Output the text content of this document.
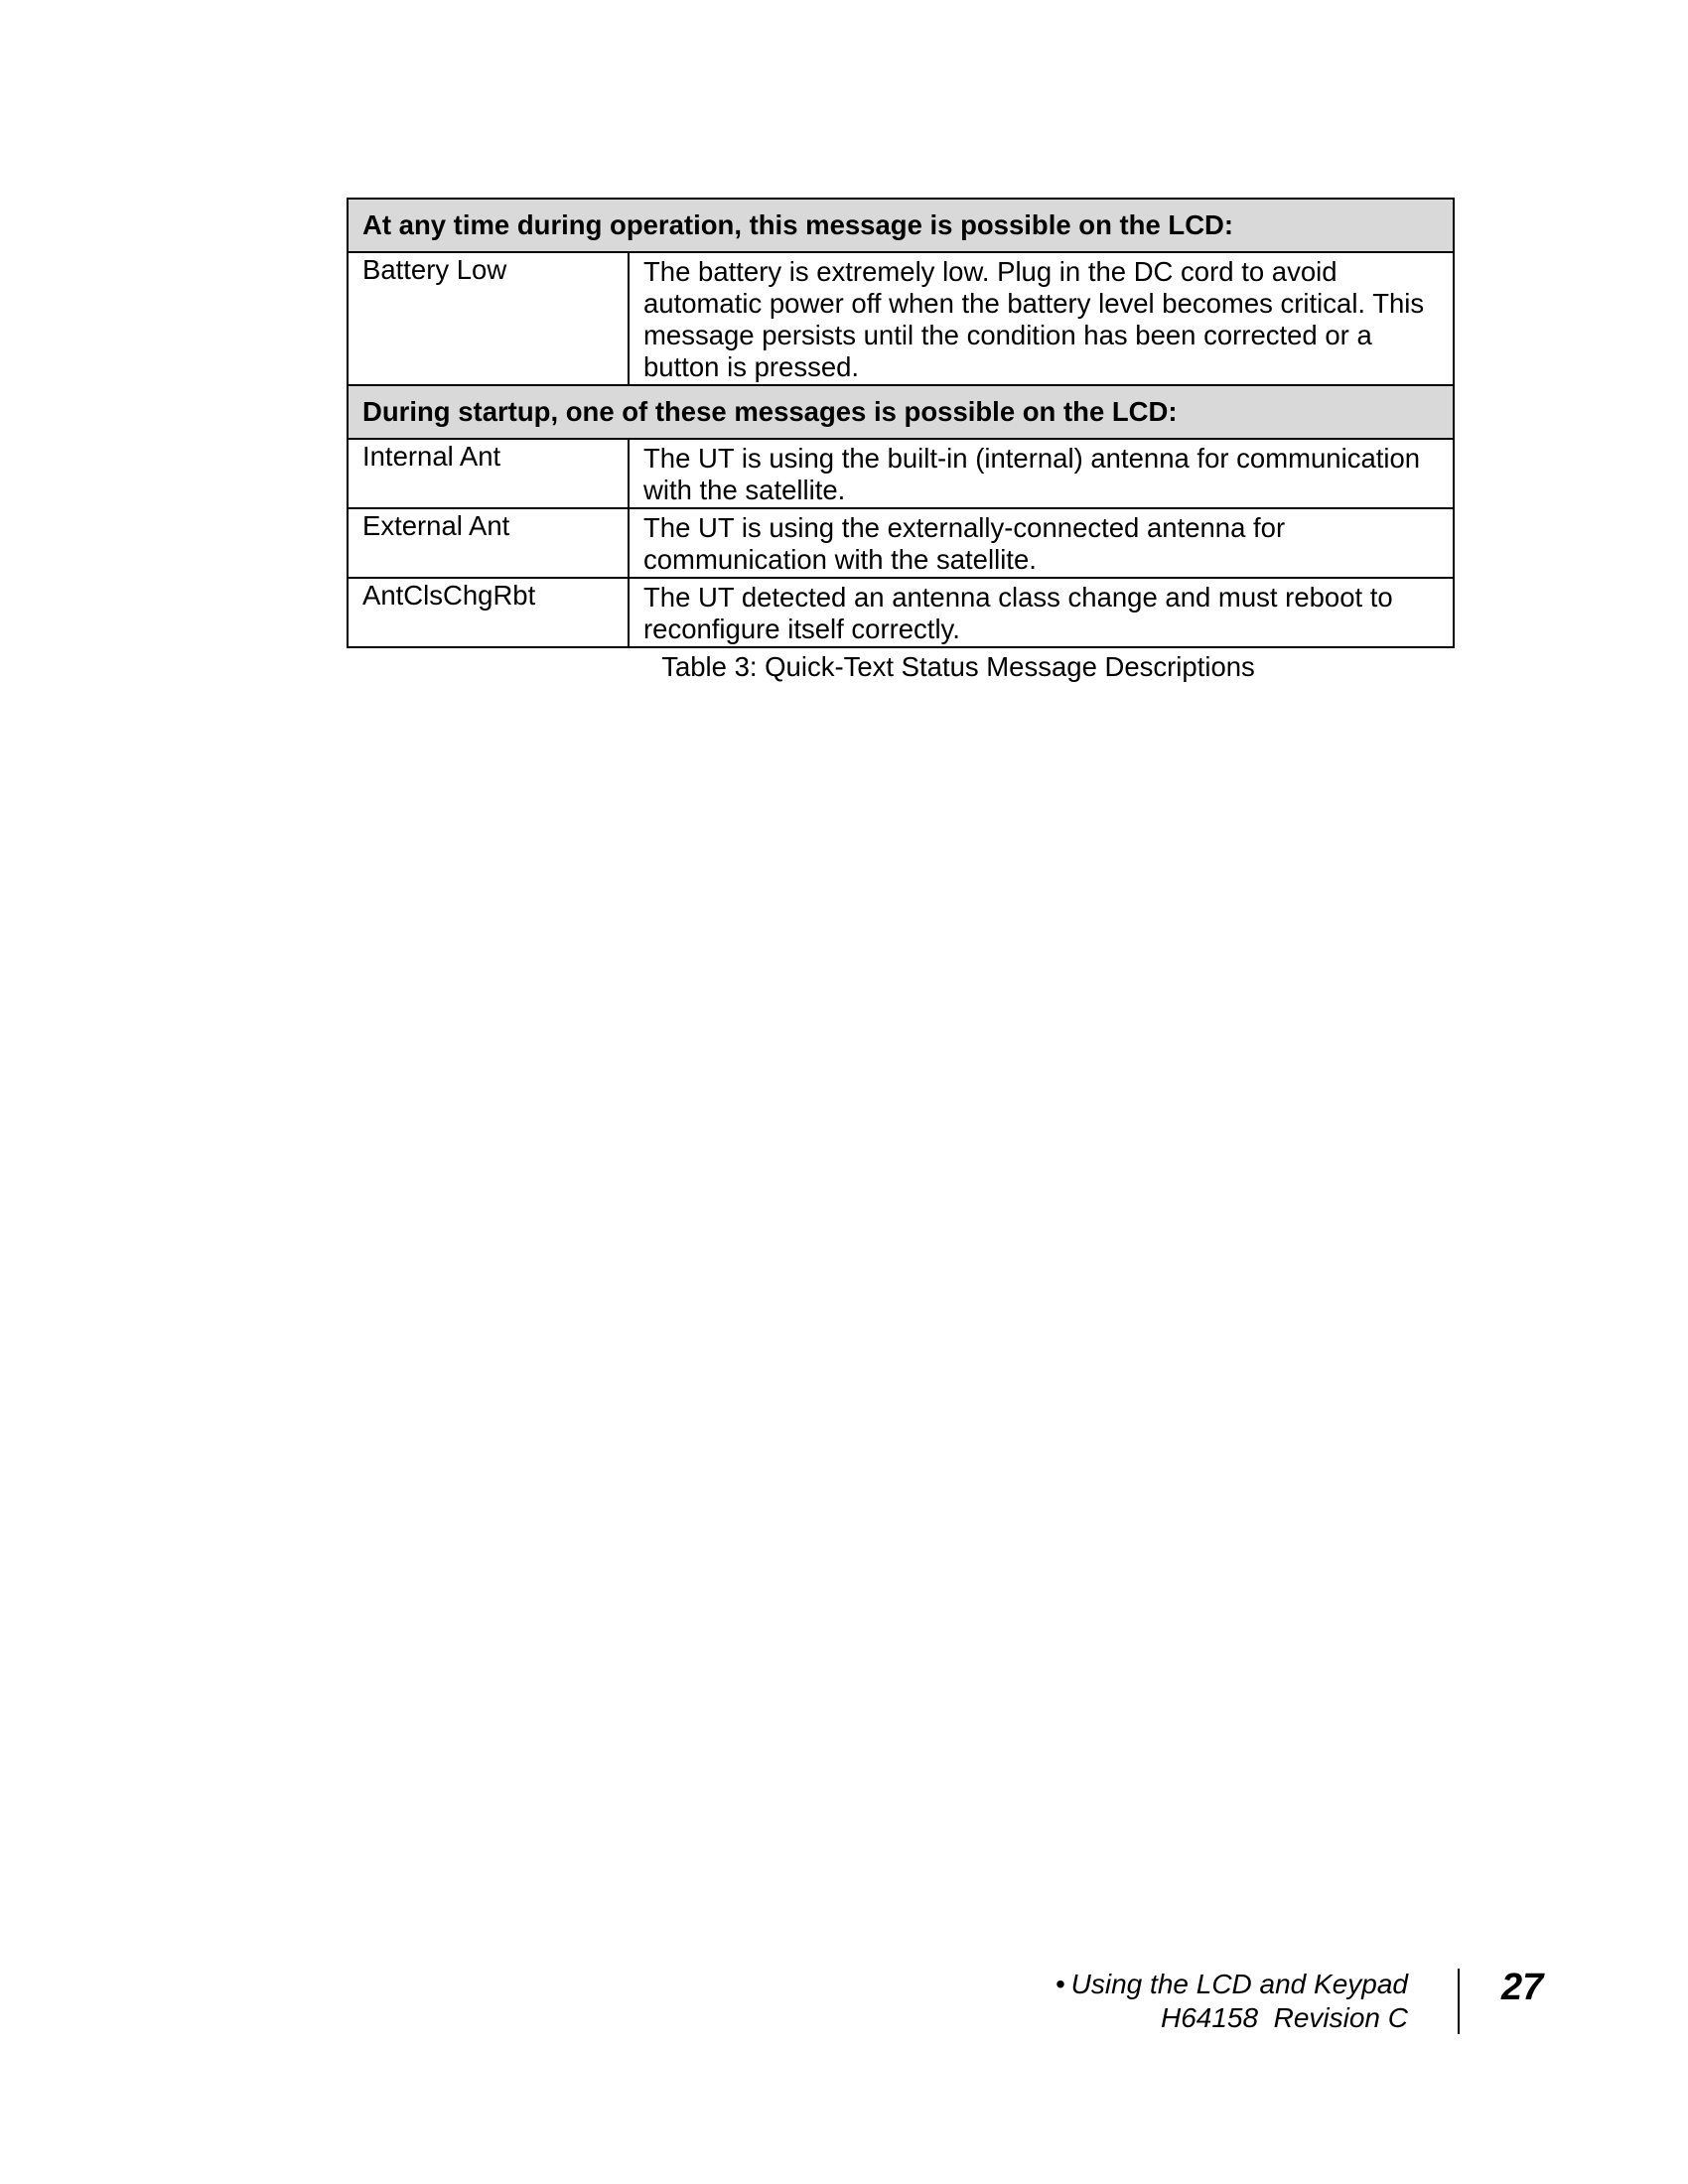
At any time during operation, this message is possible on the LCD:	
Battery Low	The battery is extremely low. Plug in the DC cord to avoid automatic power off when the battery level becomes critical. This message persists until the condition has been corrected or a button is pressed.
During startup, one of these messages is possible on the LCD:	
Internal Ant	The UT is using the built-in (internal) antenna for communication with the satellite.
External Ant	The UT is using the externally-connected antenna for communication with the satellite.
AntClsChgRbt	The UT detected an antenna class change and must reboot to reconfigure itself correctly.
Table 3: Quick-Text Status Message Descriptions
• Using the LCD and Keypad
H64158  Revision C
27
